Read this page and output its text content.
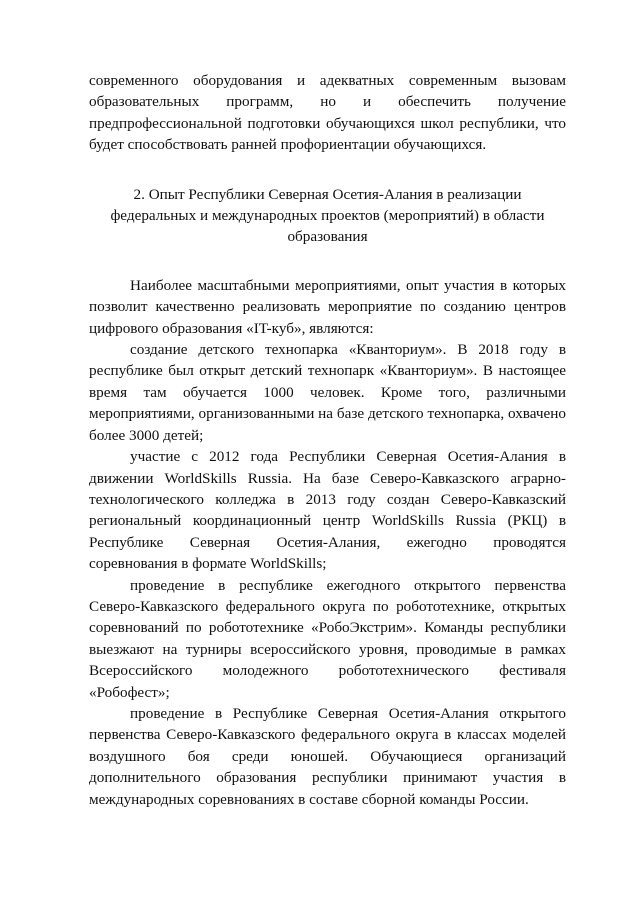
современного оборудования и адекватных современным вызовам образовательных программ, но и обеспечить получение предпрофессиональной подготовки обучающихся школ республики, что будет способствовать ранней профориентации обучающихся.

2. Опыт Республики Северная Осетия-Алания в реализации федеральных и международных проектов (мероприятий) в области образования

Наиболее масштабными мероприятиями, опыт участия в которых позволит качественно реализовать мероприятие по созданию центров цифрового образования «IT-куб», являются:

создание детского технопарка «Кванториум». В 2018 году в республике был открыт детский технопарк «Кванториум». В настоящее время там обучается 1000 человек. Кроме того, различными мероприятиями, организованными на базе детского технопарка, охвачено более 3000 детей;

участие с 2012 года Республики Северная Осетия-Алания в движении WorldSkills Russia. На базе Северо-Кавказского аграрно-технологического колледжа в 2013 году создан Северо-Кавказский региональный координационный центр WorldSkills Russia (РКЦ) в Республике Северная Осетия-Алания, ежегодно проводятся соревнования в формате WorldSkills;

проведение в республике ежегодного открытого первенства Северо-Кавказского федерального округа по робототехнике, открытых соревнований по робототехнике «РобоЭкстрим». Команды республики выезжают на турниры всероссийского уровня, проводимые в рамках Всероссийского молодежного робототехнического фестиваля «Робофест»;

проведение в Республике Северная Осетия-Алания открытого первенства Северо-Кавказского федерального округа в классах моделей воздушного боя среди юношей. Обучающиеся организаций дополнительного образования республики принимают участия в международных соревнованиях в составе сборной команды России.
